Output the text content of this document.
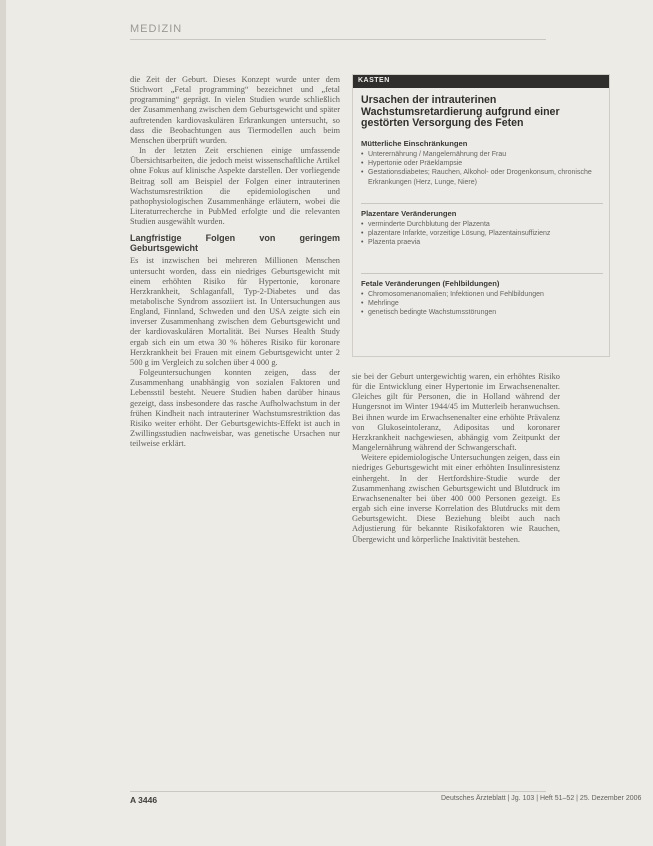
MEDIZIN

die Zeit der Geburt. Dieses Konzept wurde unter dem Stichwort „Fetal programming“ bezeichnet und „fetal programming“ geprägt. In vielen Studien wurde schließlich der Zusammenhang zwischen dem Geburtsgewicht und später auftretenden kardiovaskulären Erkrankungen untersucht, so dass die Beobachtungen aus Tiermodellen auch beim Menschen überprüft wurden.

In der letzten Zeit erschienen einige umfassende Übersichtsarbeiten, die jedoch meist wissenschaftliche Artikel ohne Fokus auf klinische Aspekte darstellen. Der vorliegende Beitrag soll am Beispiel der Folgen einer intrauterinen Wachstumsrestriktion die epidemiologischen und pathophysiologischen Zusammenhänge erläutern, wobei die Literaturrecherche in PubMed erfolgte und die relevanten Studien ausgewählt wurden.

Langfristige Folgen von geringem Geburtsgewicht

Es ist inzwischen bei mehreren Millionen Menschen untersucht worden, dass ein niedriges Geburtsgewicht mit einem erhöhten Risiko für Hypertonie, koronare Herzkrankheit, Schlaganfall, Typ-2-Diabetes und das metabolische Syndrom assoziiert ist. In Untersuchungen aus England, Finnland, Schweden und den USA zeigte sich ein inverser Zusammenhang zwischen dem Geburtsgewicht und der kardiovaskulären Mortalität. Bei Nurses Health Study ergab sich ein um etwa 30 % höheres Risiko für koronare Herzkrankheit bei Frauen mit einem Geburtsgewicht unter 2 500 g im Vergleich zu solchen über 4 000 g.

Folgeuntersuchungen konnten zeigen, dass der Zusammenhang unabhängig von sozialen Faktoren und Lebensstil besteht. Neuere Studien haben darüber hinaus gezeigt, dass insbesondere das rasche Aufholwachstum in der frühen Kindheit nach intrauteriner Wachstumsrestriktion das Risiko weiter erhöht. Der Geburtsgewichts-Effekt ist auch in Zwillingsstudien nachweisbar, was genetische Ursachen nur teilweise erklärt.

KASTEN
Ursachen der intrauterinen Wachstumsretardierung aufgrund einer gestörten Versorgung des Feten
Mütterliche Einschränkungen
• Unterernährung / Mangelernährung der Frau
• Hypertonie oder Präeklampsie
• Gestationsdiabetes; Rauchen, Alkohol- oder Drogenkonsum, chronische Erkrankungen (Herz, Lunge, Niere)
Plazentare Veränderungen
• verminderte Durchblutung der Plazenta
• plazentare Infarkte, vorzeitige Lösung, Plazentainsuffizienz
• Plazenta praevia
Fetale Veränderungen (Fehlbildungen)
• Chromosomenanomalien; Infektionen und Fehlbildungen
• Mehrlinge
• genetisch bedingte Wachstumsstörungen

sie bei der Geburt untergewichtig waren, ein erhöhtes Risiko für die Entwicklung einer Hypertonie im Erwachsenenalter. Gleiches gilt für Personen, die in Holland während der Hungersnot im Winter 1944/45 im Mutterleib heranwuchsen. Bei ihnen wurde im Erwachsenenalter eine erhöhte Prävalenz von Glukoseintoleranz, Adipositas und koronarer Herzkrankheit nachgewiesen, abhängig vom Zeitpunkt der Mangelernährung während der Schwangerschaft.

Weitere epidemiologische Untersuchungen zeigen, dass ein niedriges Geburtsgewicht mit einer erhöhten Insulinresistenz einhergeht. In der Hertfordshire-Studie wurde der Zusammenhang zwischen Geburtsgewicht und Blutdruck im Erwachsenenalter bei über 400 000 Personen gezeigt. Es ergab sich eine inverse Korrelation des Blutdrucks mit dem Geburtsgewicht. Diese Beziehung bleibt auch nach Adjustierung für bekannte Risikofaktoren wie Rauchen, Übergewicht und körperliche Inaktivität bestehen.

A 3446	Deutsches Ärzteblatt | Jg. 103 | Heft 51–52 | 25. Dezember 2006
